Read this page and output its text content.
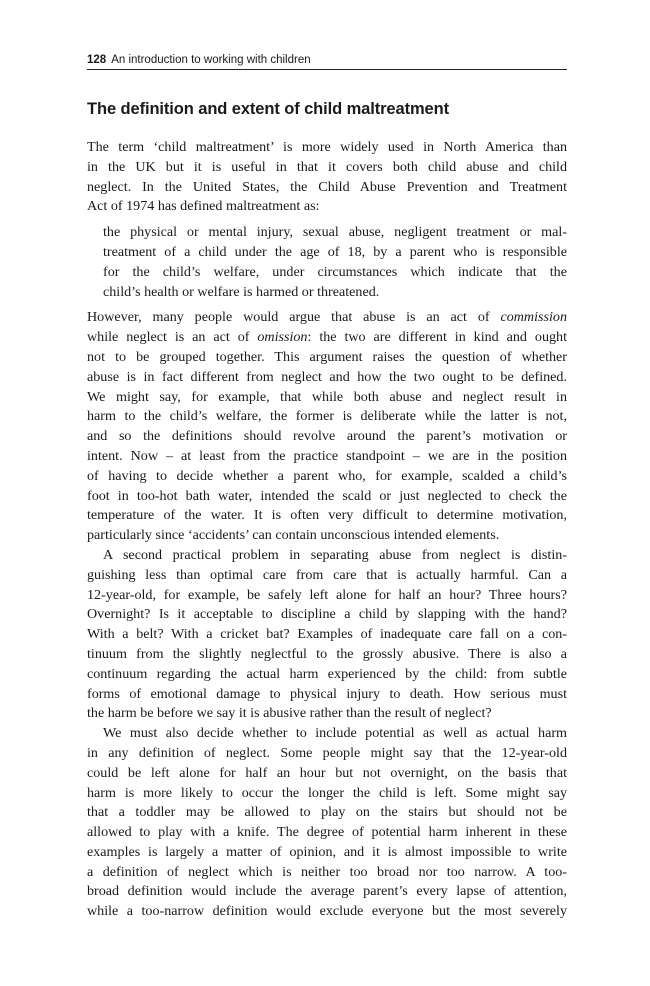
128 An introduction to working with children
The definition and extent of child maltreatment
The term ‘child maltreatment’ is more widely used in North America than
in the UK but it is useful in that it covers both child abuse and child
neglect. In the United States, the Child Abuse Prevention and Treatment
Act of 1974 has defined maltreatment as:
the physical or mental injury, sexual abuse, negligent treatment or mal-
treatment of a child under the age of 18, by a parent who is responsible
for the child’s welfare, under circumstances which indicate that the
child’s health or welfare is harmed or threatened.
However, many people would argue that abuse is an act of commission
while neglect is an act of omission: the two are different in kind and ought
not to be grouped together. This argument raises the question of whether
abuse is in fact different from neglect and how the two ought to be defined.
We might say, for example, that while both abuse and neglect result in
harm to the child’s welfare, the former is deliberate while the latter is not,
and so the definitions should revolve around the parent’s motivation or
intent. Now – at least from the practice standpoint – we are in the position
of having to decide whether a parent who, for example, scalded a child’s
foot in too-hot bath water, intended the scald or just neglected to check the
temperature of the water. It is often very difficult to determine motivation,
particularly since ‘accidents’ can contain unconscious intended elements.
A second practical problem in separating abuse from neglect is distin-
guishing less than optimal care from care that is actually harmful. Can a
12-year-old, for example, be safely left alone for half an hour? Three hours?
Overnight? Is it acceptable to discipline a child by slapping with the hand?
With a belt? With a cricket bat? Examples of inadequate care fall on a con-
tinuum from the slightly neglectful to the grossly abusive. There is also a
continuum regarding the actual harm experienced by the child: from subtle
forms of emotional damage to physical injury to death. How serious must
the harm be before we say it is abusive rather than the result of neglect?
We must also decide whether to include potential as well as actual harm
in any definition of neglect. Some people might say that the 12-year-old
could be left alone for half an hour but not overnight, on the basis that
harm is more likely to occur the longer the child is left. Some might say
that a toddler may be allowed to play on the stairs but should not be
allowed to play with a knife. The degree of potential harm inherent in these
examples is largely a matter of opinion, and it is almost impossible to write
a definition of neglect which is neither too broad nor too narrow. A too-
broad definition would include the average parent’s every lapse of attention,
while a too-narrow definition would exclude everyone but the most severely
